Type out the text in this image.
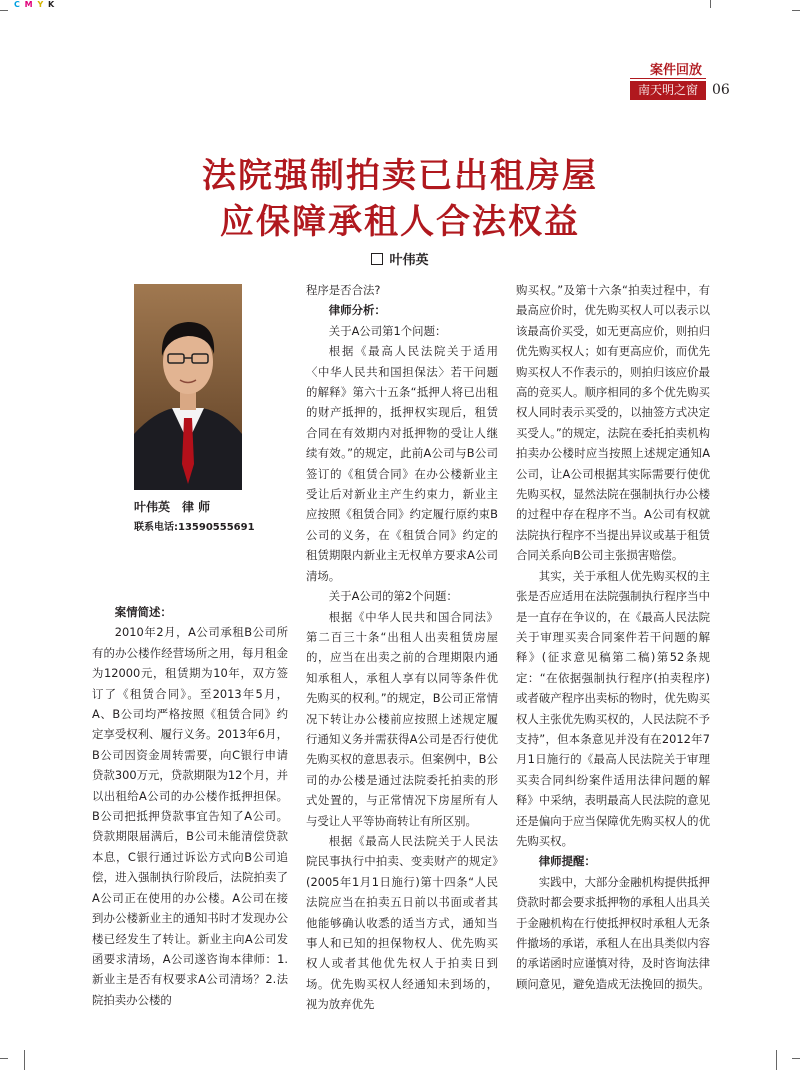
C M Y K
案件回放
南天明之窗	06
法院强制拍卖已出租房屋
应保障承租人合法权益
叶伟英
叶伟英　律 师
联系电话:13590555691

案情简述：

2010年2月，A公司承租B公司所有的办公楼作经营场所之用，每月租金为12000元，租赁期为10年，双方签订了《租赁合同》。至2013年5月，A、B公司均严格按照《租赁合同》约定享受权利、履行义务。2013年6月，B公司因资金周转需要，向C银行申请贷款300万元，贷款期限为12个月，并以出租给A公司的办公楼作抵押担保。B公司把抵押贷款事宜告知了A公司。贷款期限届满后，B公司未能清偿贷款本息，C银行通过诉讼方式向B公司追偿，进入强制执行阶段后，法院拍卖了A公司正在使用的办公楼。A公司在接到办公楼新业主的通知书时才发现办公楼已经发生了转让。新业主向A公司发函要求清场，A公司遂咨询本律师：1.新业主是否有权要求A公司清场？2.法院拍卖办公楼的

程序是否合法?

律师分析：

关于A公司第1个问题：

根据《最高人民法院关于适用〈中华人民共和国担保法〉若干问题的解释》第六十五条“抵押人将已出租的财产抵押的，抵押权实现后，租赁合同在有效期内对抵押物的受让人继续有效。”的规定，此前A公司与B公司签订的《租赁合同》在办公楼新业主受让后对新业主产生约束力，新业主应按照《租赁合同》约定履行原约束B公司的义务，在《租赁合同》约定的租赁期限内新业主无权单方要求A公司清场。

关于A公司的第2个问题：

根据《中华人民共和国合同法》第二百三十条“出租人出卖租赁房屋的，应当在出卖之前的合理期限内通知承租人，承租人享有以同等条件优先购买的权利。”的规定，B公司正常情况下转让办公楼前应按照上述规定履行通知义务并需获得A公司是否行使优先购买权的意思表示。但案例中，B公司的办公楼是通过法院委托拍卖的形式处置的，与正常情况下房屋所有人与受让人平等协商转让有所区别。

根据《最高人民法院关于人民法院民事执行中拍卖、变卖财产的规定》(2005年1月1日施行)第十四条“人民法院应当在拍卖五日前以书面或者其他能够确认收悉的适当方式，通知当事人和已知的担保物权人、优先购买权人或者其他优先权人于拍卖日到场。优先购买权人经通知未到场的，视为放弃优先

购买权。”及第十六条“拍卖过程中，有最高应价时，优先购买权人可以表示以该最高价买受，如无更高应价，则拍归优先购买权人；如有更高应价，而优先购买权人不作表示的，则拍归该应价最高的竞买人。顺序相同的多个优先购买权人同时表示买受的，以抽签方式决定买受人。”的规定，法院在委托拍卖机构拍卖办公楼时应当按照上述规定通知A公司，让A公司根据其实际需要行使优先购买权，显然法院在强制执行办公楼的过程中存在程序不当。A公司有权就法院执行程序不当提出异议或基于租赁合同关系向B公司主张损害赔偿。

其实，关于承租人优先购买权的主张是否应适用在法院强制执行程序当中是一直存在争议的，在《最高人民法院关于审理买卖合同案件若干问题的解释》(征求意见稿第二稿)第52条规定：“在依据强制执行程序(拍卖程序)或者破产程序出卖标的物时，优先购买权人主张优先购买权的，人民法院不予支持”，但本条意见并没有在2012年7月1日施行的《最高人民法院关于审理买卖合同纠纷案件适用法律问题的解释》中采纳，表明最高人民法院的意见还是偏向于应当保障优先购买权人的优先购买权。

律师提醒：

实践中，大部分金融机构提供抵押贷款时都会要求抵押物的承租人出具关于金融机构在行使抵押权时承租人无条件撤场的承诺，承租人在出具类似内容的承诺函时应谨慎对待，及时咨询法律顾问意见，避免造成无法挽回的损失。
